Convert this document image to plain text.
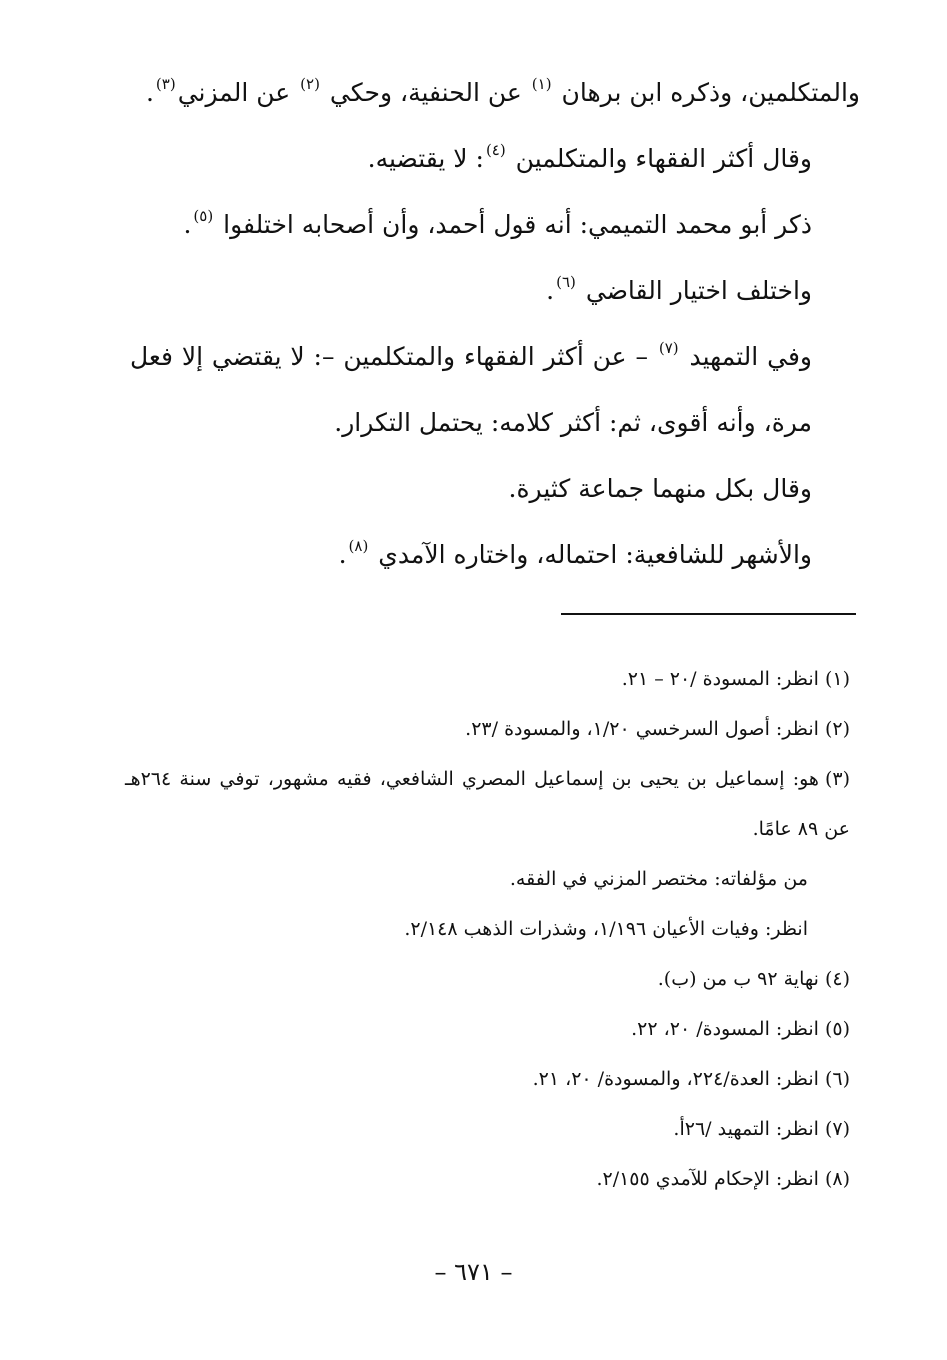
والمتكلمين، وذكره ابن برهان $^{(١)}$ عن الحنفية، وحكي $^{(٢)}$ عن المزني$^{(٣)}$.

وقال أكثر الفقهاء والمتكلمين $^{(٤)}$: لا يقتضيه.

ذكر أبو محمد التميمي: أنه قول أحمد، وأن أصحابه اختلفوا $^{(٥)}$.

واختلف اختيار القاضي $^{(٦)}$.

وفي التمهيد $^{(٧)}$ – عن أكثر الفقهاء والمتكلمين –: لا يقتضي إلا فعل مرة، وأنه أقوى، ثم: أكثر كلامه: يحتمل التكرار.

وقال بكل منهما جماعة كثيرة.

والأشهر للشافعية: احتماله، واختاره الآمدي $^{(٨)}$.

(١)انظر: المسودة /٢٠ – ٢١.

(٢)انظر: أصول السرخسي ١/٢٠، والمسودة /٢٣.

(٣)هو: إسماعيل بن يحيى بن إسماعيل المصري الشافعي، فقيه مشهور، توفي سنة ٢٦٤هـ عن ٨٩ عامًا.

من مؤلفاته: مختصر المزني في الفقه.

انظر: وفيات الأعيان ١/١٩٦، وشذرات الذهب ٢/١٤٨.

(٤)نهاية ٩٢ ب من (ب).

(٥)انظر: المسودة/ ٢٠، ٢٢.

(٦)انظر: العدة/٢٢٤، والمسودة/ ٢٠، ٢١.

(٧)انظر: التمهيد /٢٦أ.

(٨)انظر: الإحكام للآمدي ٢/١٥٥.

– ٦٧١ –
